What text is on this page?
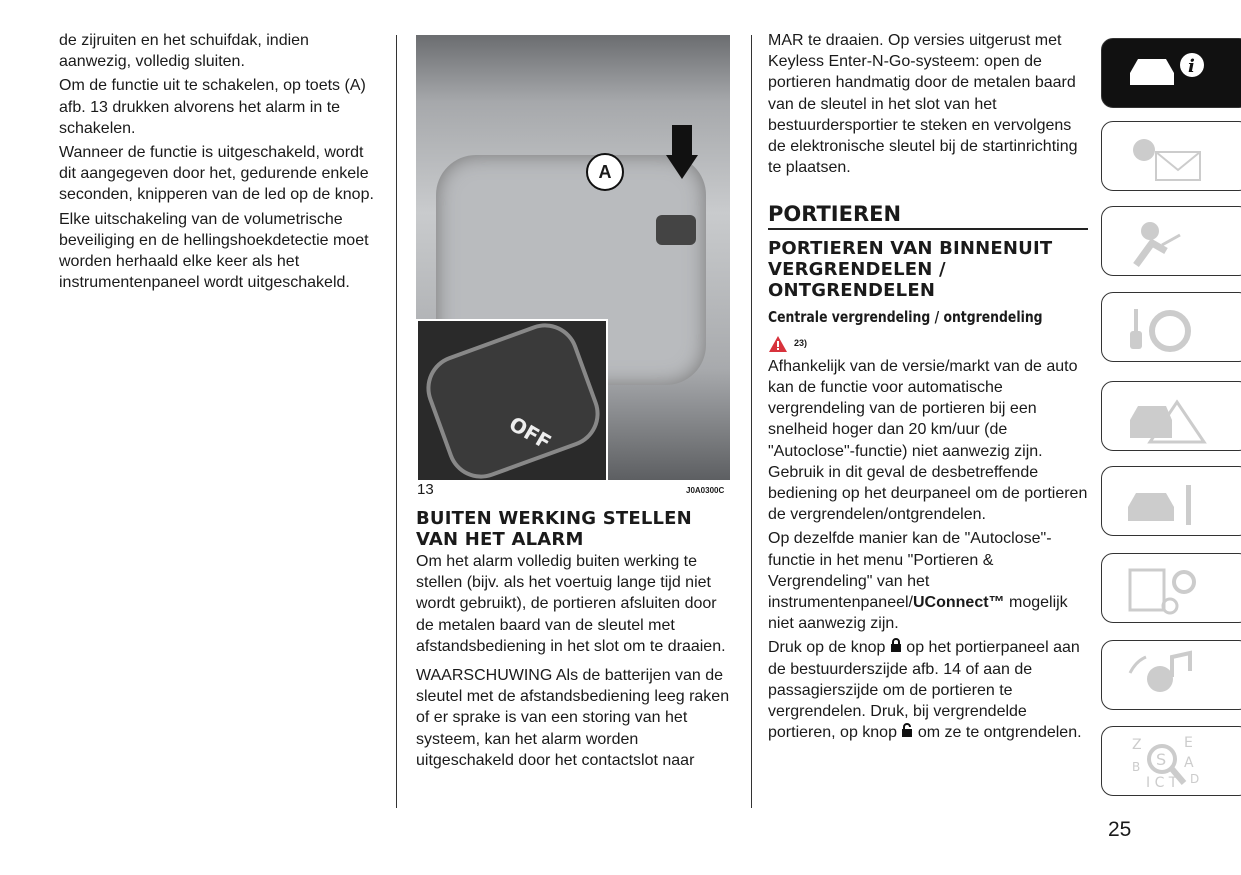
de zijruiten en het schuifdak, indien aanwezig, volledig sluiten.

Om de functie uit te schakelen, op toets (A) afb. 13 drukken alvorens het alarm in te schakelen.

Wanneer de functie is uitgeschakeld, wordt dit aangegeven door het, gedurende enkele seconden, knipperen van de led op de knop.

Elke uitschakeling van de volumetrische beveiliging en de hellingshoekdetectie moet worden herhaald elke keer als het instrumentenpaneel wordt uitgeschakeld.

A
OFF
13	J0A0300C
BUITEN WERKING STELLEN VAN HET ALARM

Om het alarm volledig buiten werking te stellen (bijv. als het voertuig lange tijd niet wordt gebruikt), de portieren afsluiten door de metalen baard van de sleutel met afstandsbediening in het slot om te draaien.

WAARSCHUWING Als de batterijen van de sleutel met de afstandsbediening leeg raken of er sprake is van een storing van het systeem, kan het alarm worden uitgeschakeld door het contactslot naar

MAR te draaien. Op versies uitgerust met Keyless Enter-N-Go-systeem: open de portieren handmatig door de metalen baard van de sleutel in het slot van het bestuurdersportier te steken en vervolgens de elektronische sleutel bij de startinrichting te plaatsen.

PORTIEREN
PORTIEREN VAN BINNENUIT VERGRENDELEN / ONTGRENDELEN
Centrale vergrendeling / ontgrendeling
23)

Afhankelijk van de versie/markt van de auto kan de functie voor automatische vergrendeling van de portieren bij een snelheid hoger dan 20 km/uur (de "Autoclose"-functie) niet aanwezig zijn. Gebruik in dit geval de desbetreffende bediening op het deurpaneel om de portieren de vergrendelen/ontgrendelen.

Op dezelfde manier kan de "Autoclose"-functie in het menu "Portieren & Vergrendeling" van het instrumentenpaneel/UConnect™ mogelijk niet aanwezig zijn.

Druk op de knop  op het portierpaneel aan de bestuurderszijde afb. 14 of aan de passagierszijde om de portieren te vergrendelen. Druk, bij vergrendelde portieren, op knop  om ze te ontgrendelen.

i
S
Z	E
A
B
D
I C T
25
